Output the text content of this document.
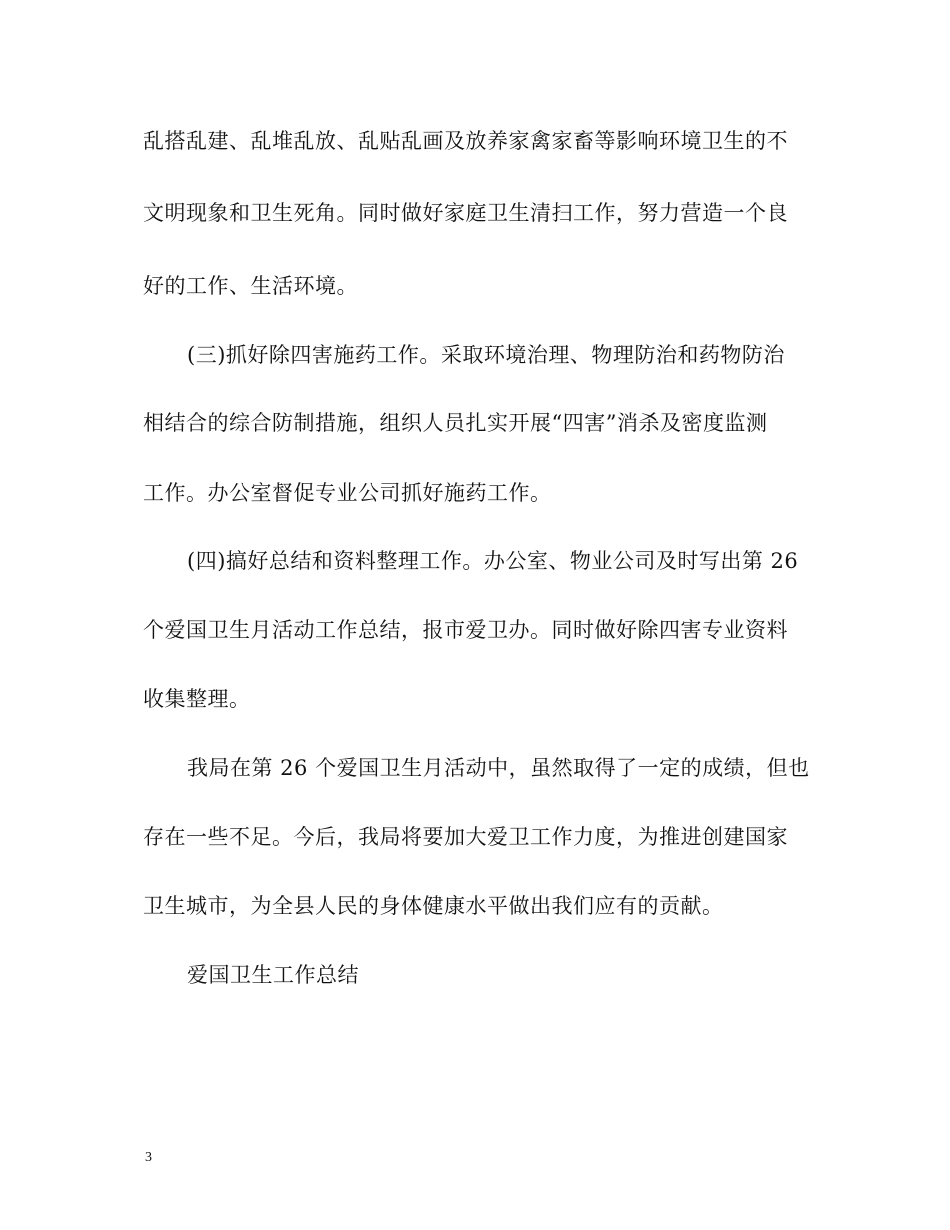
乱搭乱建、乱堆乱放、乱贴乱画及放养家禽家畜等影响环境卫生的不
文明现象和卫生死角。同时做好家庭卫生清扫工作，努力营造一个良
好的工作、生活环境。
(三)抓好除四害施药工作。采取环境治理、物理防治和药物防治
相结合的综合防制措施，组织人员扎实开展“四害”消杀及密度监测
工作。办公室督促专业公司抓好施药工作。
(四)搞好总结和资料整理工作。办公室、物业公司及时写出第 26
个爱国卫生月活动工作总结，报市爱卫办。同时做好除四害专业资料
收集整理。
我局在第 26 个爱国卫生月活动中，虽然取得了一定的成绩，但也
存在一些不足。今后，我局将要加大爱卫工作力度，为推进创建国家
卫生城市，为全县人民的身体健康水平做出我们应有的贡献。
爱国卫生工作总结
3
